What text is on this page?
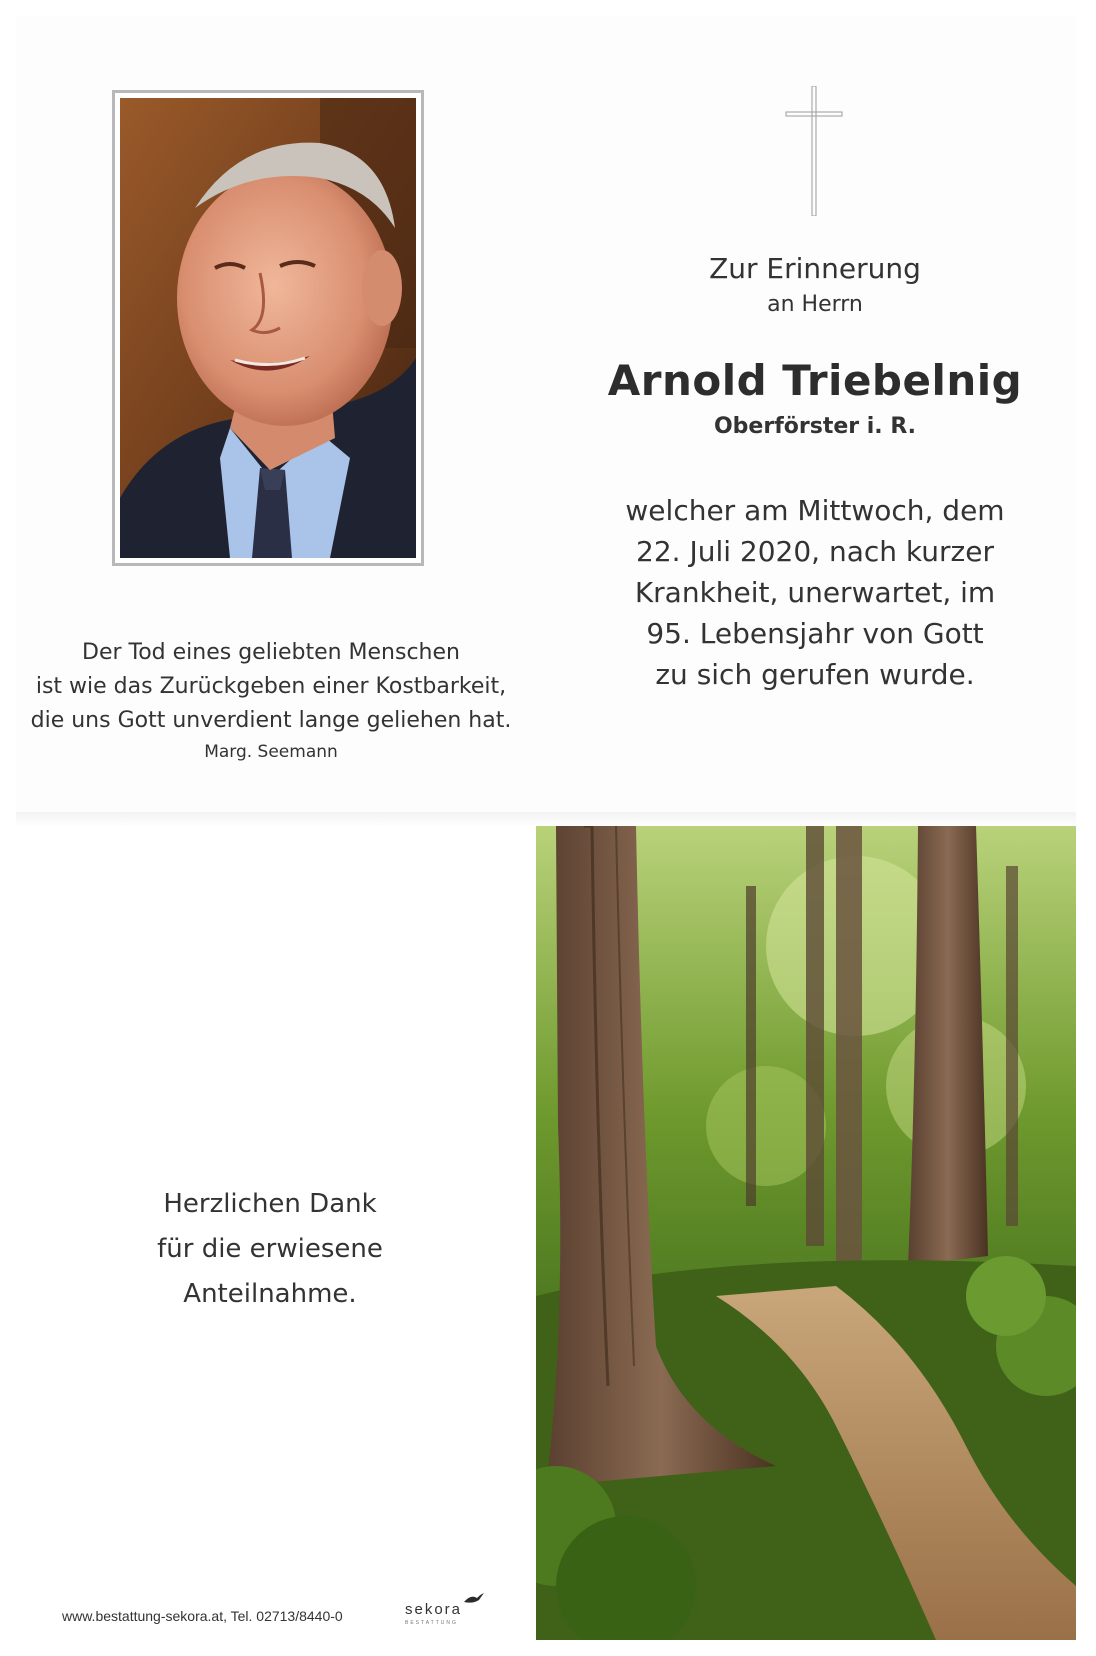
Zur Erinnerung

an Herrn

Arnold Triebelnig

Oberförster i. R.

welcher am Mittwoch, dem
22. Juli 2020, nach kurzer
Krankheit, unerwartet, im
95. Lebensjahr von Gott
zu sich gerufen wurde.
Der Tod eines geliebten Menschen
ist wie das Zurückgeben einer Kostbarkeit,
die uns Gott unverdient lange geliehen hat.

Marg. Seemann

Herzlichen Dank
für die erwiesene
Anteilnahme.
www.bestattung-sekora.at, Tel. 02713/8440-0	sekora
BESTATTUNG
